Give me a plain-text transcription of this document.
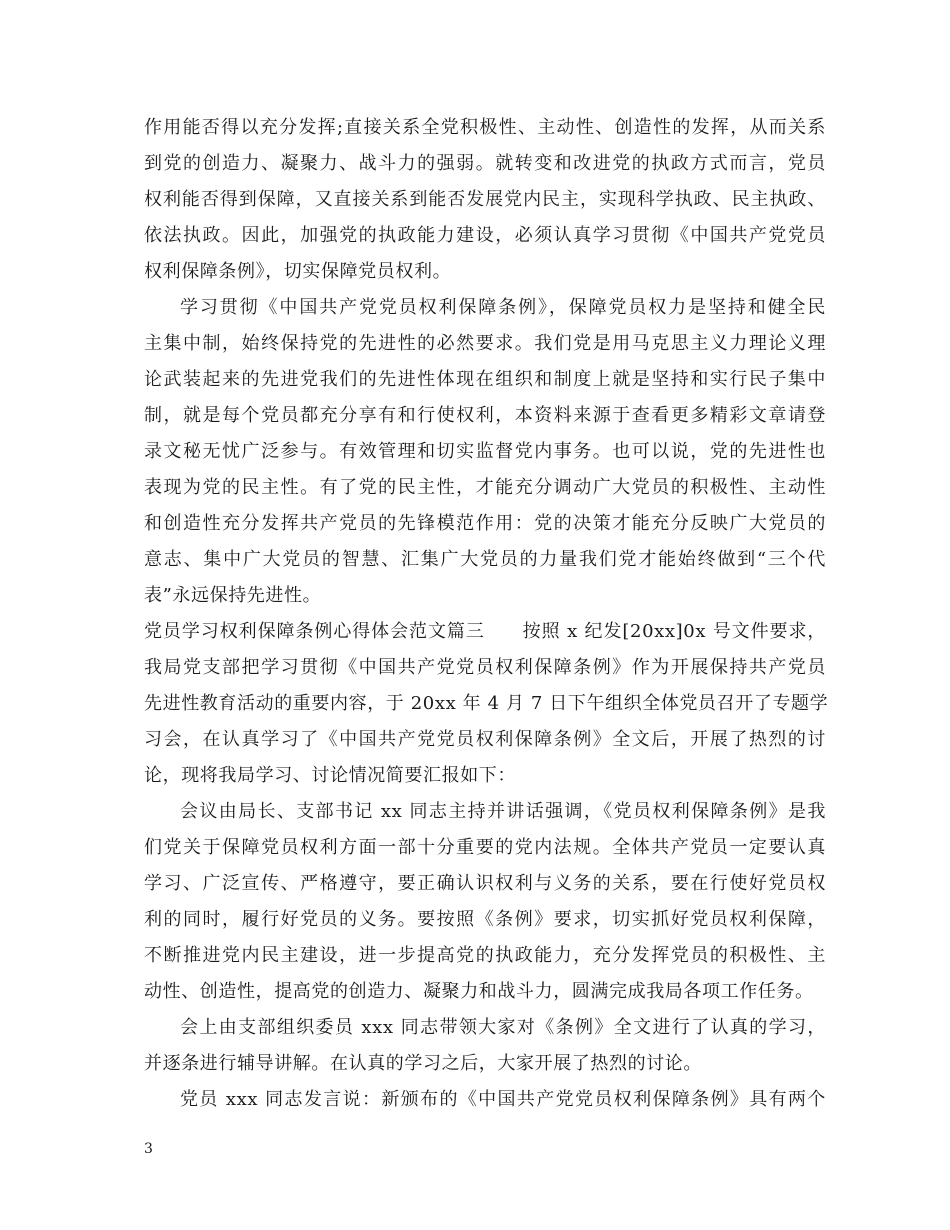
作用能否得以充分发挥;直接关系全党积极性、主动性、创造性的发挥，从而关系
到党的创造力、凝聚力、战斗力的强弱。就转变和改进党的执政方式而言，党员
权利能否得到保障，又直接关系到能否发展党内民主，实现科学执政、民主执政、
依法执政。因此，加强党的执政能力建设，必须认真学习贯彻《中国共产党党员
权利保障条例》，切实保障党员权利。
学习贯彻《中国共产党党员权利保障条例》，保障党员权力是坚持和健全民
主集中制，始终保持党的先进性的必然要求。我们党是用马克思主义力理论义理
论武装起来的先进党我们的先进性体现在组织和制度上就是坚持和实行民子集中
制，就是每个党员都充分享有和行使权利，本资料来源于查看更多精彩文章请登
录文秘无忧广泛参与。有效管理和切实监督党内事务。也可以说，党的先进性也
表现为党的民主性。有了党的民主性，才能充分调动广大党员的积极性、主动性
和创造性充分发挥共产党员的先锋模范作用：党的决策才能充分反映广大党员的
意志、集中广大党员的智慧、汇集广大党员的力量我们党才能始终做到“三个代
表”永远保持先进性。
党员学习权利保障条例心得体会范文篇三　　按照 x 纪发[20xx]0x 号文件要求，
我局党支部把学习贯彻《中国共产党党员权利保障条例》作为开展保持共产党员
先进性教育活动的重要内容，于 20xx 年 4 月 7 日下午组织全体党员召开了专题学
习会，在认真学习了《中国共产党党员权利保障条例》全文后，开展了热烈的讨
论，现将我局学习、讨论情况简要汇报如下：
会议由局长、支部书记 xx 同志主持并讲话强调，《党员权利保障条例》是我
们党关于保障党员权利方面一部十分重要的党内法规。全体共产党员一定要认真
学习、广泛宣传、严格遵守，要正确认识权利与义务的关系，要在行使好党员权
利的同时，履行好党员的义务。要按照《条例》要求，切实抓好党员权利保障，
不断推进党内民主建设，进一步提高党的执政能力，充分发挥党员的积极性、主
动性、创造性，提高党的创造力、凝聚力和战斗力，圆满完成我局各项工作任务。
会上由支部组织委员 xxx 同志带领大家对《条例》全文进行了认真的学习，
并逐条进行辅导讲解。在认真的学习之后，大家开展了热烈的讨论。
党员 xxx 同志发言说：新颁布的《中国共产党党员权利保障条例》具有两个
3
